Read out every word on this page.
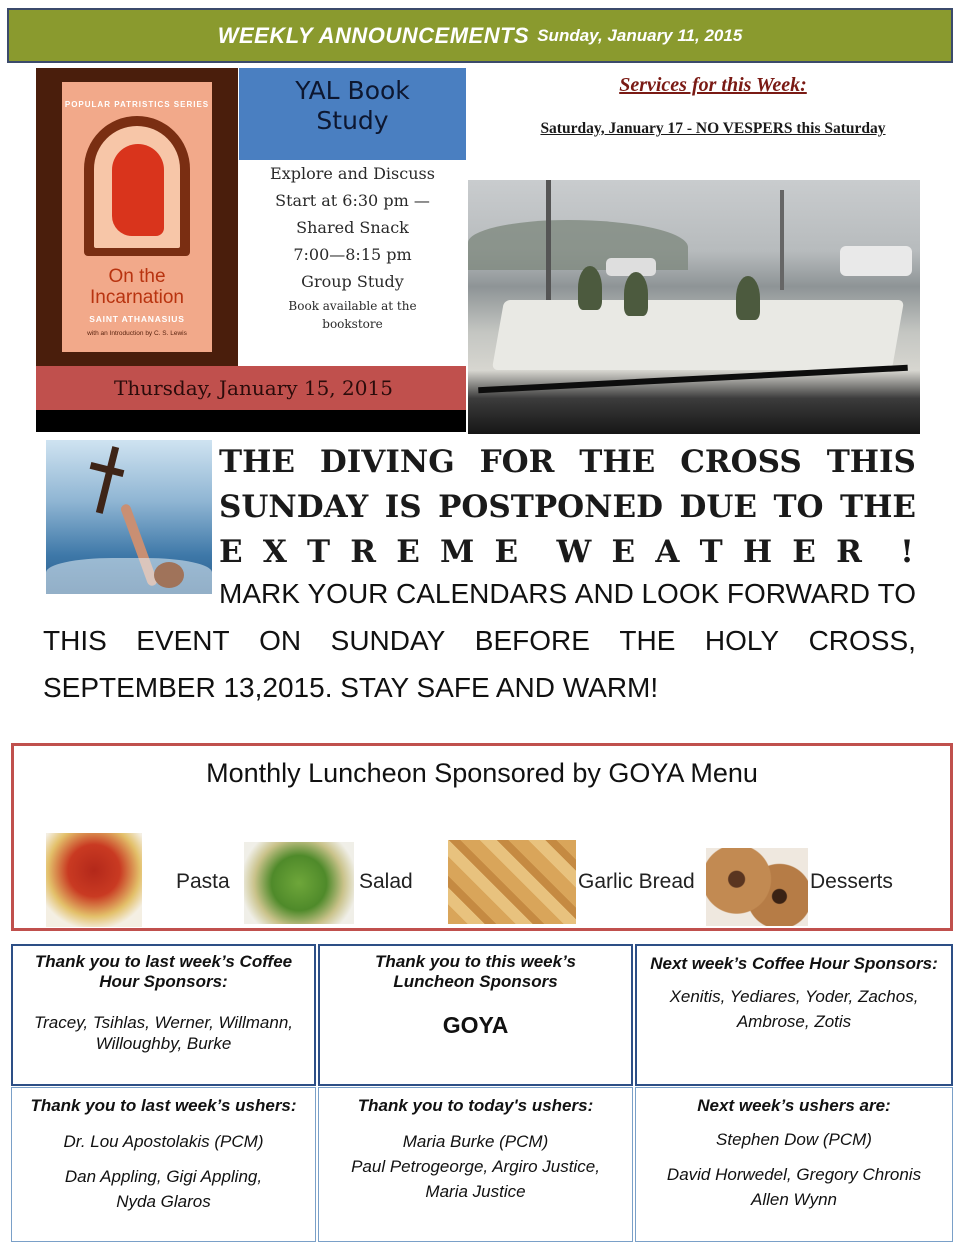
WEEKLY ANNOUNCEMENTS Sunday, January 11, 2015
POPULAR PATRISTICS SERIES
On the
Incarnation
SAINT ATHANASIUS
with an Introduction by C. S. Lewis
YAL Book
Study
Explore and Discuss
Start at 6:30 pm —
Shared Snack
7:00—8:15 pm
Group Study
Book available at the
bookstore
Thursday, January 15, 2015
Services for this Week:
Saturday, January 17 - NO VESPERS this Saturday
THE DIVING FOR THE CROSS THIS
SUNDAY IS POSTPONED DUE TO THE
E X T R E M E W E A T H E R !
MARK YOUR CALENDARS AND LOOK FORWARD TO
THIS EVENT ON SUNDAY BEFORE THE HOLY CROSS,
SEPTEMBER 13,2015. STAY SAFE AND WARM!
Monthly Luncheon Sponsored by GOYA Menu
Pasta	Salad	Garlic Bread	Desserts
Thank you to last week’s Coffee
Hour Sponsors:
Tracey, Tsihlas, Werner, Willmann,
Willoughby, Burke
Thank you to this week’s
Luncheon Sponsors
GOYA
Next week’s Coffee Hour Sponsors:
Xenitis, Yediares, Yoder, Zachos,
Ambrose, Zotis
Thank you to last week’s ushers:
Dr. Lou Apostolakis (PCM)
Dan Appling, Gigi Appling,
Nyda Glaros
Thank you to today's ushers:
Maria Burke (PCM)
Paul Petrogeorge, Argiro Justice,
Maria Justice
Next week’s ushers are:
Stephen Dow (PCM)
David Horwedel, Gregory Chronis
Allen Wynn
